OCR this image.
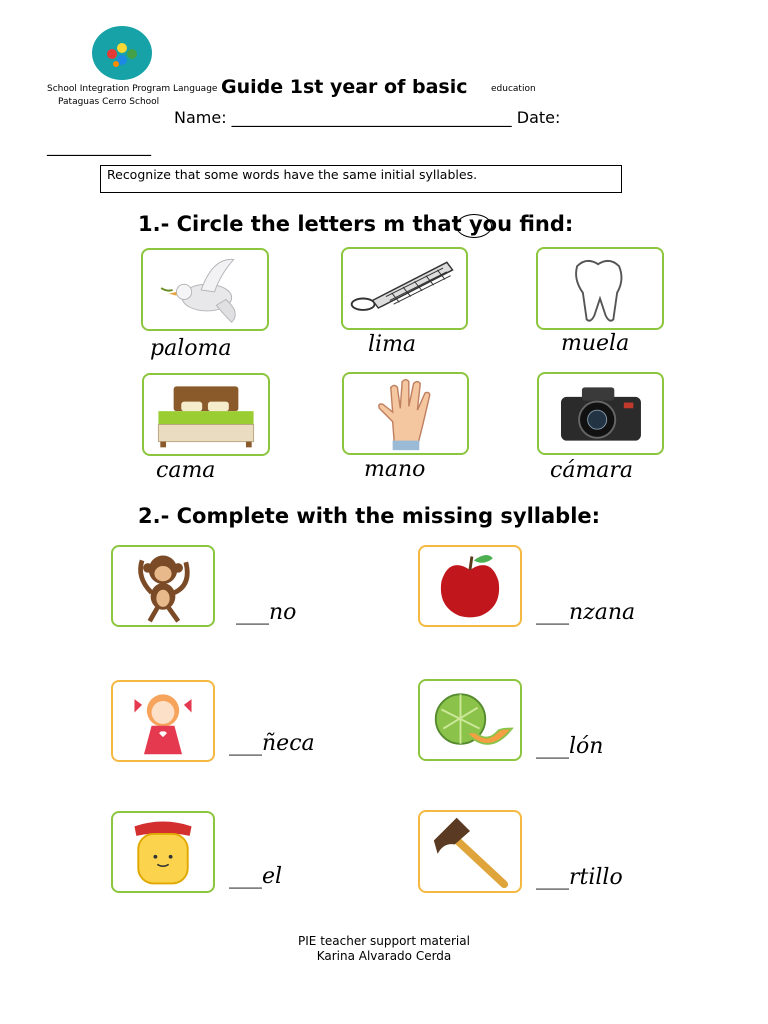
School Integration Program Language
Pataguas Cerro School
Guide 1st year of basic	education
Name: ___________________________________ Date:
_____________
Recognize that some words have the same initial syllables.
1.- Circle the letters m that you find:
paloma	lima	muela
cama	mano	cámara
2.- Complete with the missing syllable:
___no	___nzana
___ñeca	___lón
___el	___rtillo
PIE teacher support material
Karina Alvarado Cerda
